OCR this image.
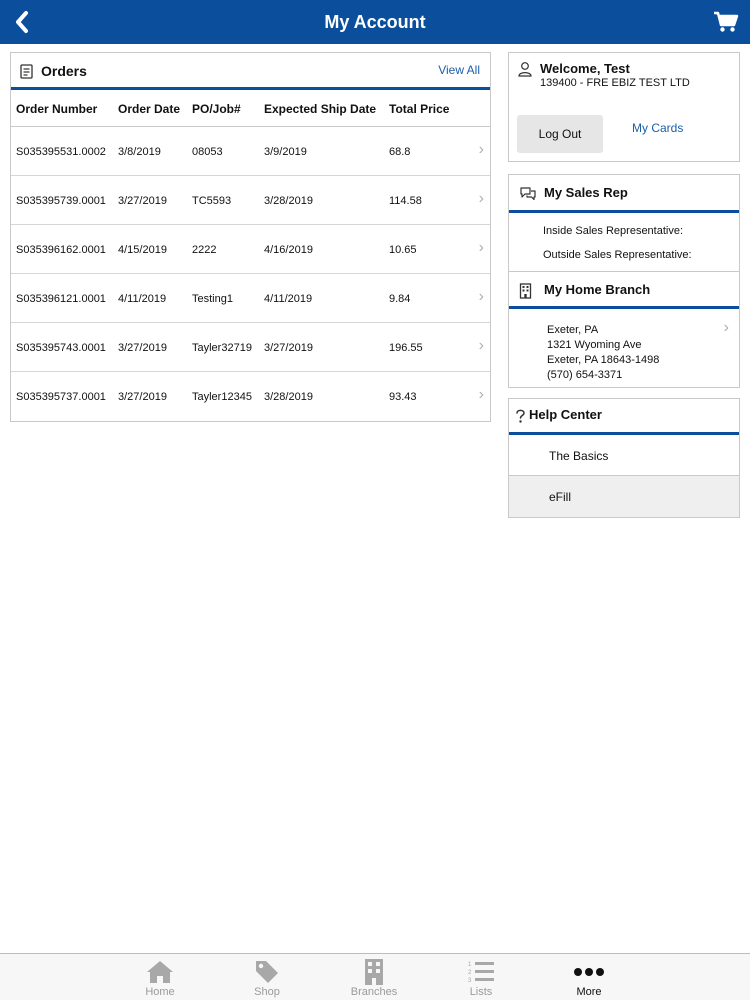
My Account
Orders	View All
Order Number Order Date PO/Job# Expected Ship Date Total Price
S035395531.0002 3/8/2019	08053	3/9/2019	68.8	›
S035395739.0001 3/27/2019 TC5593	3/28/2019	114.58	›
S035396162.0001 4/15/2019 2222	4/16/2019	10.65	›
S035396121.0001 4/11/2019 Testing1	4/11/2019	9.84	›
S035395743.0001 3/27/2019 Tayler32719 3/27/2019	196.55	›
S035395737.0001 3/27/2019 Tayler12345 3/28/2019	93.43	›
Welcome, Test
139400 - FRE EBIZ TEST LTD
Log Out	My Cards
My Sales Rep
Inside Sales Representative:
Outside Sales Representative:
My Home Branch
Exeter, PA
1321 Wyoming Ave
Exeter, PA 18643-1498
(570) 654-3371
›
Help Center
The Basics
eFill
Home	Shop	Branches
1
2
3
Lists	More
